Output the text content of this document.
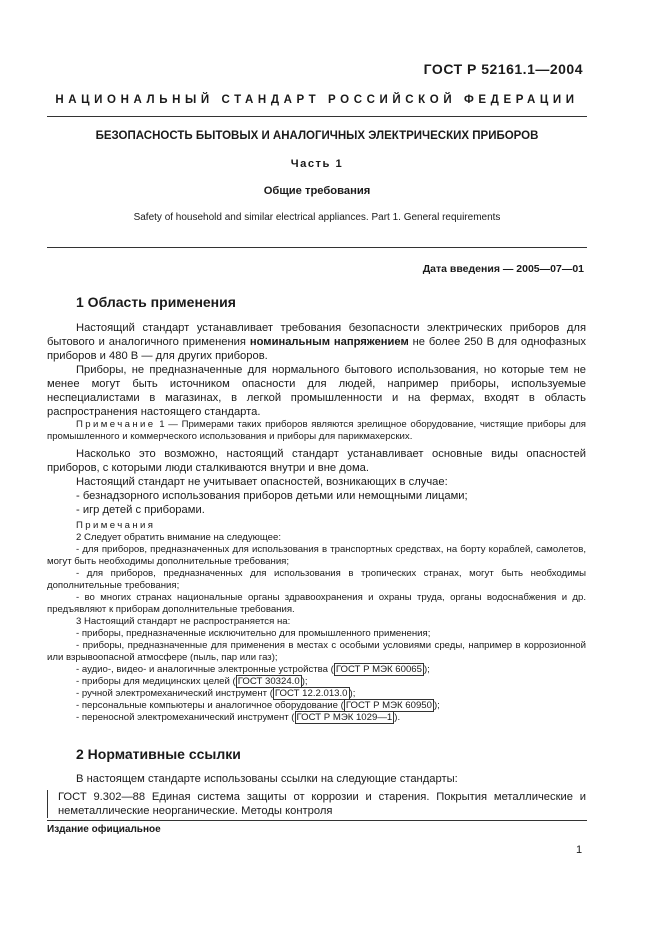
ГОСТ Р 52161.1—2004
НАЦИОНАЛЬНЫЙ СТАНДАРТ РОССИЙСКОЙ ФЕДЕРАЦИИ
БЕЗОПАСНОСТЬ БЫТОВЫХ И АНАЛОГИЧНЫХ ЭЛЕКТРИЧЕСКИХ ПРИБОРОВ
Часть 1
Общие требования
Safety of household and similar electrical appliances. Part 1. General requirements
Дата введения — 2005—07—01
1 Область применения

Настоящий стандарт устанавливает требования безопасности электрических приборов для бытового и аналогичного применения номинальным напряжением не более 250 В для однофазных приборов и 480 В — для других приборов.

Приборы, не предназначенные для нормального бытового использования, но которые тем не менее могут быть источником опасности для людей, например приборы, используемые неспециалистами в магазинах, в легкой промышленности и на фермах, входят в область распространения настоящего стандарта.

Примечание 1 — Примерами таких приборов являются зрелищное оборудование, чистящие приборы для промышленного и коммерческого использования и приборы для парикмахерских.

Насколько это возможно, настоящий стандарт устанавливает основные виды опасностей приборов, с которыми люди сталкиваются внутри и вне дома.

Настоящий стандарт не учитывает опасностей, возникающих в случае:

- безнадзорного использования приборов детьми или немощными лицами;

- игр детей с приборами.

Примечания

2 Следует обратить внимание на следующее:

- для приборов, предназначенных для использования в транспортных средствах, на борту кораблей, самолетов, могут быть необходимы дополнительные требования;

- для приборов, предназначенных для использования в тропических странах, могут быть необходимы дополнительные требования;

- во многих странах национальные органы здравоохранения и охраны труда, органы водоснабжения и др. предъявляют к приборам дополнительные требования.

3 Настоящий стандарт не распространяется на:

- приборы, предназначенные исключительно для промышленного применения;

- приборы, предназначенные для применения в местах с особыми условиями среды, например в коррозионной или взрывоопасной атмосфере (пыль, пар или газ);

- аудио-, видео- и аналогичные электронные устройства ( ГОСТ Р МЭК 60065 );

- приборы для медицинских целей ( ГОСТ 30324.0 );

- ручной электромеханический инструмент ( ГОСТ 12.2.013.0 );

- персональные компьютеры и аналогичное оборудование ( ГОСТ Р МЭК 60950 );

- переносной электромеханический инструмент ( ГОСТ Р МЭК 1029—1 ).

2 Нормативные ссылки

В настоящем стандарте использованы ссылки на следующие стандарты:

ГОСТ 9.302—88 Единая система защиты от коррозии и старения. Покрытия металлические и неметаллические неорганические. Методы контроля

Издание официальное
1
